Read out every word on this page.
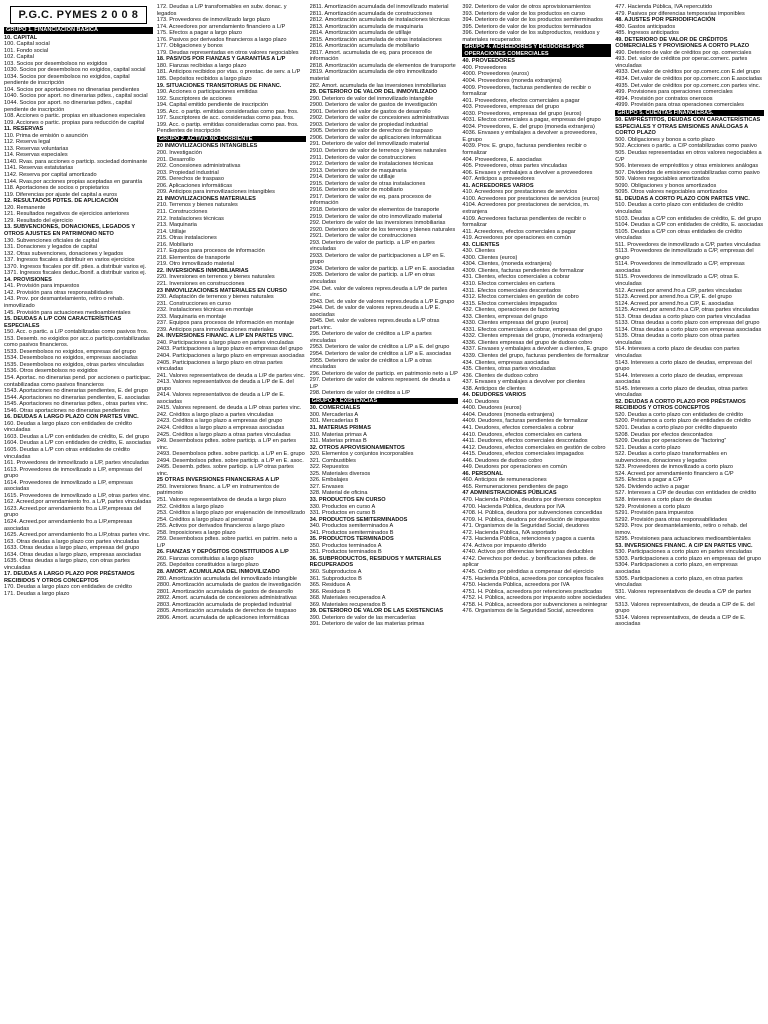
P.G.C. PYMES 2 0 0 8
GRUPO 1. FINANCIACIÓN BÁSICA
10. CAPITAL
100. Capital social
101. Fondo social
102. Capital
103. Socios por desembolsos no exigidos
1030. Socios por desembolsos no exigidos, capital social
1034. Socios por desembolsos no exigidos, capital pendiente de inscripción
104. Socios por aportaciones no dinerarias pendientes
1040. Socios por aport. no dinerarias pdtes., capital social
1044. Socios por aport. no dinerarias pdtes., capital pendiente de inscripción
108. Acciones o partic. propias en situaciones especiales
109. Acciones o partic. propias para reducción de capital
11. RESERVAS
110. Prima de emisión o asunción
112. Reserva legal
113. Reservas voluntarias
114. Reservas especiales
1140. Rvas. para acciones o particip. sociedad dominante
1141. Reservas estatutarias
1142. Reserva por capital amortizado
1144. Rvas.por acciones propias aceptadas en garantía
118. Aportaciones de socios o propietarios
119. Diferencias por ajuste del capital a euros
12. RESULTADOS PDTES. DE APLICACIÓN
120. Remanente
121. Resultados negativos de ejercicios anteriores
129. Resultado del ejercicio
13. SUBVENCIONES, DONACIONES, LEGADOS Y OTROS AJUSTES EN PATRIMONIO NETO
130. Subvenciones oficiales de capital
131. Donaciones y legados de capital
132. Otras subvenciones, donaciones y legados
137. Ingresos fiscales a distribuir en varios ejercicios
1370. Ingresos fiscales por dif. pties. a distribuir varios ej.
1371. Ingresos fiscales deduc./bonif. a distribuir varios ej.
14. PROVISIONES
141. Provisión para impuestos
142. Provisión para otras responsabilidades
143. Prov. por desmantelamiento, retiro o rehab. inmovilizado
145. Provisión para actuaciones medioambientales
15. DEUDAS A L/P CON CARACTERÍSTICAS ESPECIALES
150. Acc. o partic. a L/P contabilizadas como pasivos fros.
153. Desemb. no exigidos por acc.o particip.contabilizadas como pasivos financieros.
1533. Desembolsos no exigidos, empresas del grupo
1534. Desembolsos no exigidos, empresas asociadas
1535. Desembolsos no exigidos, otras partes vinculadas
1536. Otros desembolsos no exigidos
154. Aportac. no dinerarias pend. por acciones o participac. contabilizadas como pasivos financieros
1543. Aportaciones no dinerarias pendientes, E. del grupo
1544. Aportaciones no dinerarias pendientes, E. asociadas
1545. Aportaciones no dinerarias pdtes., otras partes vinc.
1546. Otras aportaciones no dinerarias pendientes
16. DEUDAS A LARGO PLAZO CON PARTES VINC.
160. Deudas a largo plazo con entidades de crédito vinculadas
1603. Deudas a L/P con entidades de crédito, E. del grupo
1604. Deudas a L/P con entidades de crédito, E. asociadas
1605. Deudas a L/P con otras entidades de crédito vinculadas
161. Proveedores de inmovilizado a L/P, partes vinculadas
1613. Proveedores de inmovilizado a L/P, empresas del grupo
1614. Proveedores de inmovilizado a L/P, empresas asociadas
1615. Proveedores de inmovilizado a L/P, otras partes vinc.
162. Acreed.por arrendamiento fro. a L/P, partes vinculadas
1623. Acreed.por arrendamiento fro.a L/P,empresas del grupo
1624. Acreed.por arrendamiento fro.a L/P,empresas asociadas
1625. Acreed.por arrendamiento fro.a L/P,otras partes vinc.
163. Otras deudas a largo plazo con partes vinculadas
1633. Otras deudas a largo plazo, empresas del grupo
1634. Otras deudas a largo plazo, empresas asociadas
1635. Otras deudas a largo plazo, con otras partes vinculadas
17. DEUDAS A LARGO PLAZO POR PRÉSTAMOS RECIBIDOS Y OTROS CONCEPTOS
170. Deudas a largo plazo con entidades de crédito
171. Deudas a largo plazo
172. Deudas a L/P transformables en subv. donac. y legados
173. Proveedores de inmovilizado largo plazo
174. Acreedores por arrendamiento financiero a L/P
175. Efectos a pagar a largo plazo
176. Pasivos por derivados financieros a largo plazo
177. Obligaciones y bonos
179. Deudas representadas en otros valores negociables
18. PASIVOS POR FIANZAS Y GARANTÍAS A L/P
180. Fianzas recibidas a largo plazo
181. Anticipos recibidos por vtas. o prestac. de serv. a L/P
185. Depósitos recibidos a largo plazo
19. SITUACIONES TRANSITORIAS DE FINANC.
190. Acciones o participaciones emitidas
192. Suscriptores de acciones
194. Capital emitido pendiente de inscripción
195. Acc. o partip. emitidas consideradas como pas. fros.
197. Suscriptores de acc. consideradas como pas. fros.
199. Acc. o partip. emitidas consideradas como pas. fros. Pendientes de inscripción
GRUPO 2. ACTIVO NO CORRIENTE
20 INMOVILIZACIONES INTANGIBLES
200. Investigación
201. Desarrollo
202. Concesiones administrativas
203. Propiedad industrial
205. Derechos de traspaso
206. Aplicaciones informáticas
209. Anticipos para inmovilizaciones intangibles
21 INMOVILIZACIONES MATERIALES
210. Terrenos y bienes naturales
211. Construcciones
212. Instalaciones técnicas
213. Maquinaria
214. Utillaje
215. Otras instalaciones
216. Mobiliario
217. Equipos para procesos de información
218. Elementos de transporte
219. Otro inmovilizado material
22. INVERSIONES INMOBILIARIAS
220. Inversiones en terrenos y bienes naturales
221. Inversiones en construcciones
23 INMOVILIZACIONES MATERIALES EN CURSO
230. Adaptación de terrenos y bienes naturales
231. Construcciones en curso
232. Instalaciones técnicas en montaje
233. Maquinaria en montaje
237. Equipos para procesos de información en montaje
239. Anticipos para inmovilizaciones materiales
24. INVERSIONES FINANC. A L/P EN PARTES VINC.
240. Participaciones a largo plazo en partes vinculadas
2403. Participaciones a largo plazo en empresas del grupo
2404. Participaciones a largo plazo en empresas asociadas
2405. Participaciones a largo plazo en otras partes vinculadas
241. Valores representativos de deuda a L/P de partes vinc.
2413. Valores representativos de deuda a L/P de E. del grupo
2414. Valores representativos de deuda a L/P de E. asociadas
2415. Valores represent. de deuda a L/P otras partes vinc.
242. Créditos a largo plazo a partes vinculadas
2423. Créditos a largo plazo a empresas del grupo
2424. Créditos a largo plazo a empresas asociadas
2425. Créditos a largo plazo a otras partes vinculadas
249. Desembolsos pdtes. sobre particip. a L/P en partes vinc.
2493. Desembolsos pdtes. sobre particip. a L/P en E. grupo
2494. Desembolsos pdtes. sobre particip. a L/P en E. asoc.
2495. Desemb. pdtes. sobre particip. a L/P otras partes vinc.
25 OTRAS INVERSIONES FINANCIERAS A L/P
250. Inversiones financ. a L/P en instrumentos de patrimonio
251. Valores representativos de deuda a largo plazo
252. Créditos a largo plazo
253. Créditos a largo plazo por enajenación de inmovilizado
254. Créditos a largo plazo al personal
255. Activos por derivados financieros a largo plazo
258. Imposiciones a largo plazo
259. Desembolsos pdtes. sobre partici. en patrim. neto a L/P
26. FIANZAS Y DEPÓSITOS CONSTITUIDOS A L/P
260. Fianzas constituidas a largo plazo
265. Depósitos constituidos a largo plazo
28. AMORT. ACUMULADA DEL INMOVILIZADO
280. Amortización acumulada del inmovilizado intangible
2800. Amortización acumulada de gastos de investigación
2801. Amortización acumulada de gastos de desarrollo
2802. Amort. acumulada de concesiones administrativas
2803. Amortización acumulada de propiedad industrial
2805. Amortización acumulada de derechos de traspaso
2806. Amort. acumulada de aplicaciones informáticas
2811. Amortización acumulada del inmovilizado material
2811. Amortización acumulada de construcciones
2812. Amortización acumulada de instalaciones técnicas
2813. Amortización acumulada de maquinaria
2814. Amortización acumulada de utillaje
2815. Amortización acumulada de otras instalaciones
2816. Amortización acumulada de mobiliario
2817. Amort. acumulada de eq. para procesos de información
2818. Amortización acumulada de elementos de transporte
2819. Amortización acumulada de otro inmovilizado material
282. Amort. acumulada de las inversiones inmobiliarias
29. DETERIORO DE VALOR DEL INMOVILIZADO
290. Deterioro de valor del inmovilizado intangible
2900. Deterioro de valor de gastos de investigación
2901. Deterioro del valor de gastos de desarrollo
2902. Deterioro de valor de concesiones administrativas
2903. Deterioro de valor de propiedad industrial
2905. Deterioro de valor de derechos de traspaso
2906. Deterioro de valor de aplicaciones informáticas
291. Deterioro de valor del inmovilizado material
2910. Deterioro de valor de terrenos y bienes naturales
2911. Deterioro de valor de construcciones
2912. Deterioro de valor de instalaciones técnicas
2913. Deterioro de valor de maquinaria
2914. Deterioro de valor de utillaje
2915. Deterioro de valor de otras instalaciones
2916. Deterioro de valor de mobiliario
2917. Deterioro de valor de eq. para procesos de información
2918. Deterioro de valor de elementos de transporte
2919. Deterioro de valor de otro inmovilizado material
292. Deterioro de valor de las inversiones inmobiliarias
2920. Deterioro de valor de los terrenos y bienes naturales
2921. Deterioro de valor de construcciones
293. Deterioro de valor de particip. a L/P en partes vinculadas
2933. Deterioro de valor de participaciones a L/P en E. grupo
2934. Deterioro de valor de particip. a L/P en E. asociadas
2935. Deterioro de valor de particip. a L/P en otras vinculadas
294. Det. valor de valores repres.deuda a L/P de partes vinc.
2943. Det. de valor de valores repres.deuda a L/P E.grupo
2944. Det. de valor de valores repres.deuda a L/P E. asociadas
2945. Det. valor de valores repres.deuda a L/P otras part.vinc.
295. Deterioro de valor de créditos a L/P a partes vinculadas
2953. Deterioro de valor de créditos a L/P a E. del grupo
2954. Deterioro de valor de créditos a L/P a E. asociadas
2955. Deterioro de valor de créditos a L/P a otras vinculadas
296. Deterioro de valor de particip. en patrimonio neto a L/P
297. Deterioro de valor de valores represent. de deuda a L/P
298. Deterioro de valor de créditos a L/P
GRUPO 3. EXISTENCIAS
30. COMERCIALES
300. Mercaderías A
301. Mercaderías B
31. MATERIAS PRIMAS
310. Materias primas A
311. Materias primas B
32. OTROS APROVISIONAMIENTOS
320. Elementos y conjuntos incorporables
321. Combustibles
322. Repuestos
325. Materiales diversos
326. Embalajes
327. Envases
328. Material de oficina
33. PRODUCTOS EN CURSO
330. Productos en curso A
331. Productos en curso B
34. PRODUCTOS SEMITERMINADOS
340. Productos semiterminados A
341. Productos semiterminados B
35. PRODUCTOS TERMINADOS
350. Productos terminados A
351. Productos terminados B
36. SUBPRODUCTOS, RESIDUOS Y MATERIALES RECUPERADOS
360. Subproductos A
361. Subproductos B
365. Residuos A
366. Residuos B
368. Materiales recuperados A
369. Materiales recuperados B
39. DETERIORO DE VALOR DE LAS EXISTENCIAS
390. Deterioro de valor de las mercaderías
391. Deterioro de valor de las materias primas
392. Deterioro de valor de otros aprovisionamientos
393. Deterioro de valor de los productos en curso
394. Deterioro de valor de los productos semiterminados
395. Deterioro de valor de los productos terminados
396. Deterioro de valor de los subproductos, residuos y materiales recuperados
GRUPO 4. ACREEDORES Y DEUDORES POR OPERACIONES COMERCIALES
40. PROVEEDORES
400. Proveedores
4000. Proveedores (euros)
4004. Proveedores (moneda extranjera)
4009. Proveedores, facturas pendientes de recibir o formalizar
401. Proveedores, efectos comerciales a pagar
403. Proveedores, empresas del grupo
4030. Proveedores, empresas del grupo (euros)
4031. Efectos comerciales a pagar, empresas del grupo
4034. Proveedores, E. del grupo (moneda extranjera)
4036. Envases y embalajes a devolver a proveedores, E.grupo
4039. Prov. E. grupo, facturas pendientes recibir o formalizar
404. Proveedores, E. asociadas
405. Proveedores, otras partes vinculadas
406. Envases y embalajes a devolver a proveedores
407. Anticipos a proveedores
41. ACREEDORES VARIOS
410. Acreedores por prestaciones de servicios
4100. Acreedores por prestaciones de servicios (euros)
4104. Acreedores por prestaciones de servicios, m. extranjera
4109. Acreedores facturas pendientes de recibir o formalizar
411. Acreedores, efectos comerciales a pagar
419. Acreedores por operaciones en común
43. CLIENTES
430. Clientes
4300. Clientes (euros)
4304. Clientes, (moneda extranjera)
4309. Clientes, facturas pendientes de formalizar
431. Clientes, efectos comerciales a cobrar
4310. Efectos comerciales en cartera
4311. Efectos comerciales descontados
4312. Efectos comerciales en gestión de cobro
4315. Efectos comerciales impagados
432. Clientes, operaciones de factoring
433. Clientes, empresas del grupo
4330. Clientes empresas del grupo (euros)
4331. Efectos comerciales a cobrar, empresas del grupo
4332. Clientes empresas del grupo, (moneda extranjera)
4336. Clientes empresas del grupo de dudoso cobro
4337. Envases y embalajes a devolver a clientes, E. grupo
4339. Clientes del grupo, facturas pendientes de formalizar
434. Clientes, empresas asociadas
435. Clientes, otras partes vinculadas
436. Clientes de dudoso cobro
437. Envases y embalajes a devolver por clientes
438. Anticipos de clientes
44. DEUDORES VARIOS
440. Deudores
4400. Deudores (euros)
4404. Deudores (moneda extranjera)
4409. Deudores, facturas pendientes de formalizar
441. Deudores, efectos comerciales a cobrar
4410. Deudores, efectos comerciales en cartera
4411. Deudores, efectos comerciales descontados
4412. Deudores, efectos comerciales en gestión de cobro
4415. Deudores, efectos comerciales impagados
446. Deudores de dudoso cobro
449. Deudores por operaciones en común
46. PERSONAL
460. Anticipos de remuneraciones
465. Remuneraciones pendientes de pago
47 ADMINISTRACIONES PÚBLICAS
470. Hacienda Pública, deudora por diversos conceptos
4700. Hacienda Pública, deudora por IVA
4708. H. Pública, deudora por subvenciones concedidas
4709. H. Pública, deudora por devolución de impuestos
471. Organismos de la Seguridad Social, deudores
472. Hacienda Pública, IVA soportado
473. Hacienda Pública, retenciones y pagos a cuenta
474. Activos por impuesto diferido
4740. Activos por diferencias temporarias deducibles
4742. Derechos por deduc. y bonificaciones pdtes. de aplicar
4745. Crédito por pérdidas a compensar del ejercicio
475. Hacienda Pública, acreedora por conceptos fiscales
4750. Hacienda Pública, acreedora por IVA
4751. H. Pública, acreedora por retenciones practicadas
4752. H. Pública, acreedora por impuesto sobre sociedades
4758. H. Pública, acreedora por subvenciones a reintegrar
476. Organismos de la Seguridad Social, acreedores
477. Hacienda Pública, IVA repercutido
479. Pasivos por diferencias temporarias imponibles
48. AJUSTES POR PERIODIFICACIÓN
480. Gastos anticipados
485. Ingresos anticipados
49. DETERIORO DE VALOR DE CRÉDITOS COMERCIALES Y PROVISIONES A CORTO PLAZO
490. Deterioro de valor de créditos por op. comerciales
493. Det. valor de créditos por operac.comerc. partes vinculadas
4933. Det.valor de créditos por op.comerc.con E.del grupo
4934. Det.valor de créditos por op.comerc.con E.asociadas
4935. Det.valor de créditos por op.comerc.con partes vinc.
499. Provisiones para operaciones comerciales
4994. Provisión por contratos onerosos
4999. Provisión para otras operaciones comerciales
GRUPO 5. CUENTAS FINANCIERAS.
50. EMPRÉSTITOS, DEUDAS CON CARACTERÍSTICAS ESPECIALES Y OTRAS EMISIONES ANÁLOGAS A CORTO PLAZO
500. Obligaciones y bonos a corto plazo
502. Acciones o partic. a C/P contabilizadas como pasivo
505. Deudas representadas en otros valores negociables a C/P
506. Intereses de empréstitos y otras emisiones análogas
507. Dividendos de emisiones contabilizadas como pasivo
509. Valores negociables amortizados
5090. Obligaciones y bonos amortizados
5095. Otros valores negociables amortizados
51. DEUDAS A CORTO PLAZO CON PARTES VINC.
510. Deudas a corto plazo con entidades de crédito vinculadas
5103. Deudas a C/P con entidades de crédito, E. del grupo
5104. Deudas a C/P con entidades de crédito, E. asociadas
5105. Deudas a C/P con otras entidades de crédito vinculadas
511. Proveedores de inmovilizado a C/P, partes vinculadas
5113. Proveedores de inmovilizado a C/P, empresas del grupo
5114. Proveedores de inmovilizado a C/P, empresas asociadas
5115. Proveedores de inmovilizado a C/P, otras E. vinculadas
512. Acreed.por arrend.fro.a C/P, partes vinculadas
5123. Acreed.por arrend.fro.a C/P, E. del grupo
5124. Acreed.por arrend.fro.a C/P, E. asociadas
5125. Acreed.por arrend.fro.a C/P, otras partes vinculadas
513. Otras deudas a corto plazo con partes vinculadas
5133. Otras deudas a corto plazo con empresas del grupo
5134. Otras deudas a corto plazo con empresas asociadas
5135. Otras deudas a corto plazo con otras partes vinculadas
514. Intereses a corto plazo de deudas con partes vinculadas
5143. Intereses a corto plazo de deudas, empresas del grupo
5144. Intereses a corto plazo de deudas, empresas asociadas
5145. Intereses a corto plazo de deudas, otras partes vinculadas
52. DEUDAS A CORTO PLAZO POR PRÉSTAMOS RECIBIDOS Y OTROS CONCEPTOS
520. Deudas a corto plazo con entidades de crédito
5200. Préstamos a corto plazo de entidades de crédito
5201. Deudas a corto plazo por crédito dispuesto
5208. Deudas por efectos descontados
5209. Deudas por operaciones de “factoring”
521. Deudas a corto plazo
522. Deudas a corto plazo transformables en subvenciones, donaciones y legados
523. Proveedores de inmovilizado a corto plazo
524. Acreed.por arrendamiento financiero a C/P
525. Efectos a pagar a C/P
526. Dividendo activo a pagar
527. Intereses a C/P de deudas con entidades de crédito
528. Intereses a corto plazo de deudas
529. Provisiones a corto plazo
5291. Provisión para impuestos
5292. Provisión para otras responsabilidades
5293. Prov. por desmantelamiento, retiro o rehab. del inmov.
5295. Provisiones para actuaciones medioambientales
53. INVERSIONES FINANC. A C/P EN PARTES VINC.
530. Participaciones a corto plazo en partes vinculadas
5303. Participaciones a corto plazo en empresas del grupo
5304. Participaciones a corto plazo, en empresas asociadas
5305. Participaciones a corto plazo, en otras partes vinculadas
531. Valores representativos de deuda a C/P de partes vinc.
5313. Valores representativos, de deuda a C/P de E. del grupo
5314. Valores representativos, de deuda a C/P de E. asociadas
